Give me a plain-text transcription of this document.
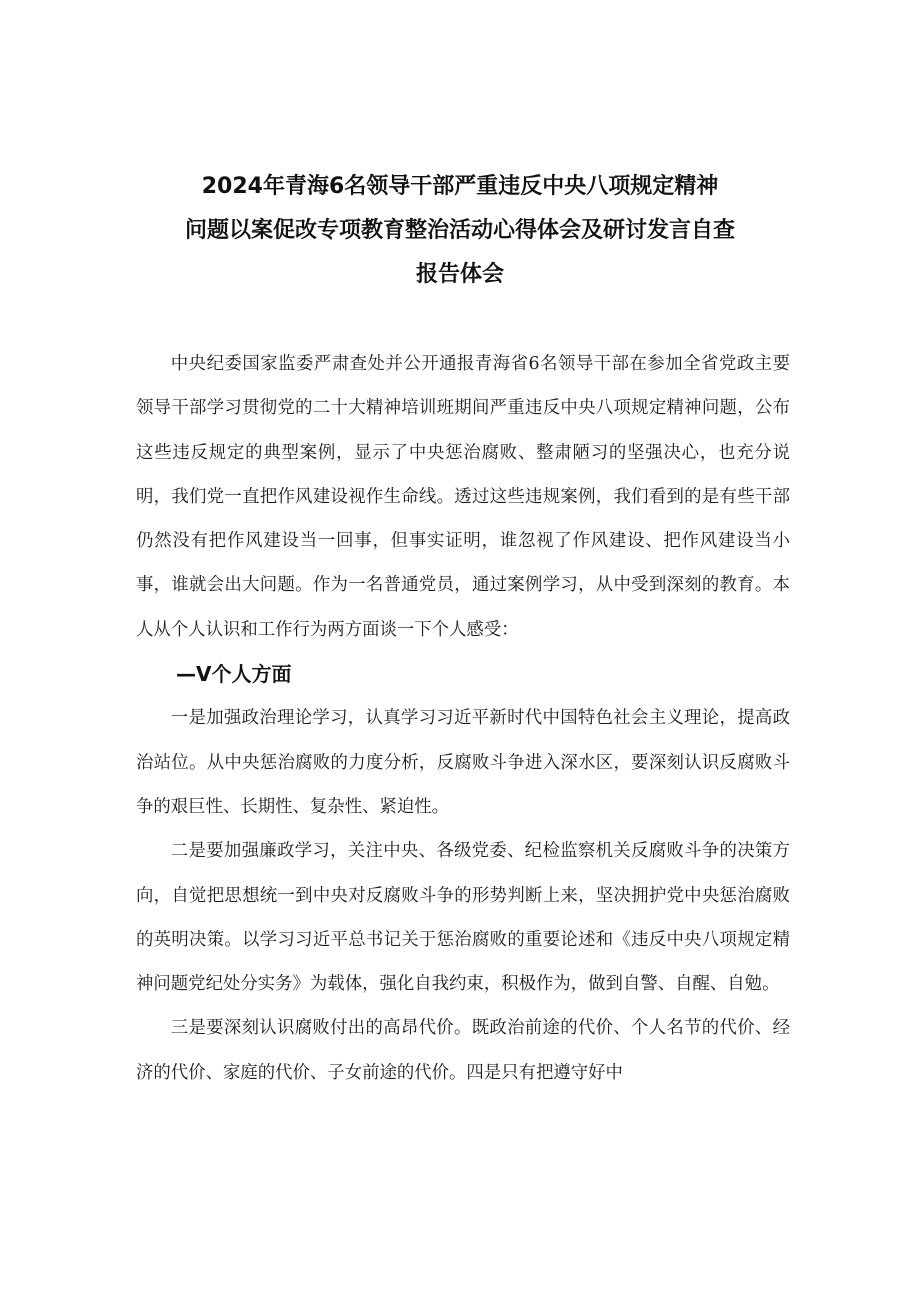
2024年青海6名领导干部严重违反中央八项规定精神
问题以案促改专项教育整治活动心得体会及研讨发言自查
报告体会

中央纪委国家监委严肃查处并公开通报青海省6名领导干部在参加全省党政主要领导干部学习贯彻党的二十大精神培训班期间严重违反中央八项规定精神问题，公布这些违反规定的典型案例，显示了中央惩治腐败、整肃陋习的坚强决心，也充分说明，我们党一直把作风建设视作生命线。透过这些违规案例，我们看到的是有些干部仍然没有把作风建设当一回事，但事实证明，谁忽视了作风建设、把作风建设当小事，谁就会出大问题。作为一名普通党员，通过案例学习，从中受到深刻的教育。本人从个人认识和工作行为两方面谈一下个人感受：

—V个人方面

一是加强政治理论学习，认真学习习近平新时代中国特色社会主义理论，提高政治站位。从中央惩治腐败的力度分析，反腐败斗争进入深水区，要深刻认识反腐败斗争的艰巨性、长期性、复杂性、紧迫性。

二是要加强廉政学习，关注中央、各级党委、纪检监察机关反腐败斗争的决策方向，自觉把思想统一到中央对反腐败斗争的形势判断上来，坚决拥护党中央惩治腐败的英明决策。以学习习近平总书记关于惩治腐败的重要论述和《违反中央八项规定精神问题党纪处分实务》为载体，强化自我约束，积极作为，做到自警、自醒、自勉。

三是要深刻认识腐败付出的高昂代价。既政治前途的代价、个人名节的代价、经济的代价、家庭的代价、子女前途的代价。四是只有把遵守好中
